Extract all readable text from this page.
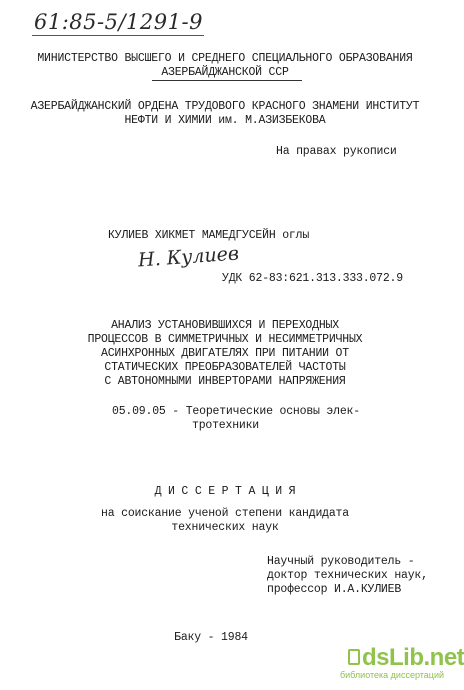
61:85-5/1291-9
МИНИСТЕРСТВО ВЫСШЕГО И СРЕДНЕГО СПЕЦИАЛЬНОГО ОБРАЗОВАНИЯ
АЗЕРБАЙДЖАНСКОЙ ССР
АЗЕРБАЙДЖАНСКИЙ ОРДЕНА ТРУДОВОГО КРАСНОГО ЗНАМЕНИ ИНСТИТУТ
НЕФТИ И ХИМИИ им. М.АЗИЗБЕКОВА
На правах рукописи
КУЛИЕВ ХИКМЕТ МАМЕДГУСЕЙН оглы
Н. Кулиев
УДК 62-83:621.313.333.072.9
АНАЛИЗ УСТАНОВИВШИХСЯ И ПЕРЕХОДНЫХ
ПРОЦЕССОВ В СИММЕТРИЧНЫХ И НЕСИММЕТРИЧНЫХ
АСИНХРОННЫХ ДВИГАТЕЛЯХ ПРИ ПИТАНИИ ОТ
СТАТИЧЕСКИХ ПРЕОБРАЗОВАТЕЛЕЙ ЧАСТОТЫ
С АВТОНОМНЫМИ ИНВЕРТОРАМИ НАПРЯЖЕНИЯ
05.09.05 - Теоретические основы элек-
тротехники
Д И С С Е Р Т А Ц И Я
на соискание ученой степени кандидата
технических наук
Научный руководитель -
доктор технических наук,
профессор И.А.КУЛИЕВ
Баку - 1984
dsLib.net
библиотека диссертаций
